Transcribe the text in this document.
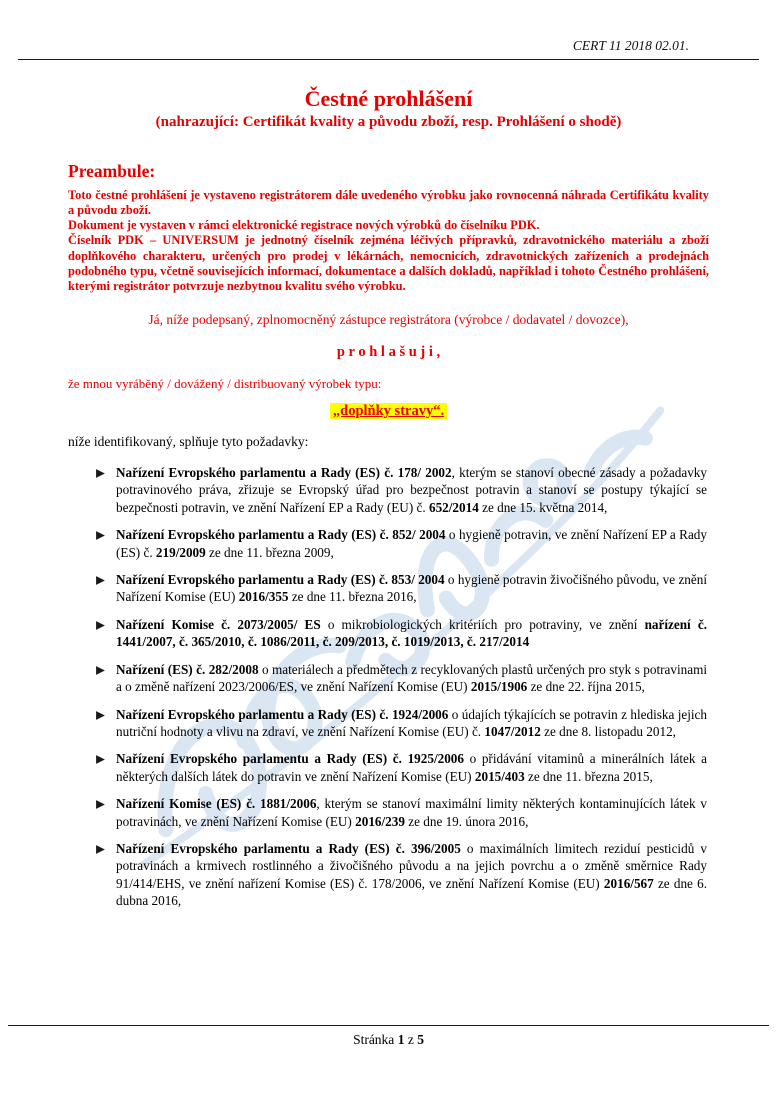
CERT 11 2018 02.01.
Čestné prohlášení
(nahrazující: Certifikát kvality a původu zboží, resp. Prohlášení o shodě)
Preambule:

Toto čestné prohlášení je vystaveno registrátorem dále uvedeného výrobku jako rovnocenná náhrada Certifikátu kvality a původu zboží.

Dokument je vystaven v rámci elektronické registrace nových výrobků do číselníku PDK.

Číselník PDK – UNIVERSUM je jednotný číselník zejména léčivých přípravků, zdravotnického materiálu a zboží doplňkového charakteru, určených pro prodej v lékárnách, nemocnicích, zdravotnických zařízeních a prodejnách podobného typu, včetně souvisejících informací, dokumentace a dalších dokladů, například i tohoto Čestného prohlášení, kterými registrátor potvrzuje nezbytnou kvalitu svého výrobku.

Já, níže podepsaný, zplnomocněný zástupce registrátora (výrobce / dodavatel / dovozce),

p r o h l a š u j i ,

že mnou vyráběný / dovážený / distribuovaný výrobek typu:

„doplňky stravy“.

níže identifikovaný, splňuje tyto požadavky:

Nařízení Evropského parlamentu a Rady (ES) č. 178/ 2002, kterým se stanoví obecné zásady a požadavky potravinového práva, zřizuje se Evropský úřad pro bezpečnost potravin a stanoví se postupy týkající se bezpečnosti potravin, ve znění Nařízení EP a Rady (EU) č. 652/2014 ze dne 15. května 2014,
Nařízení Evropského parlamentu a Rady (ES) č. 852/ 2004 o hygieně potravin, ve znění Nařízení EP a Rady (ES) č. 219/2009 ze dne 11. března 2009,
Nařízení Evropského parlamentu a Rady (ES) č. 853/ 2004 o hygieně potravin živočišného původu, ve znění Nařízení Komise (EU) 2016/355 ze dne 11. března 2016,
Nařízení Komise č. 2073/2005/ ES o mikrobiologických kritériích pro potraviny, ve znění nařízení č. 1441/2007, č. 365/2010, č. 1086/2011, č. 209/2013, č. 1019/2013, č. 217/2014
Nařízení (ES) č. 282/2008 o materiálech a předmětech z recyklovaných plastů určených pro styk s potravinami a o změně nařízení 2023/2006/ES, ve znění Nařízení Komise (EU) 2015/1906 ze dne 22. října 2015,
Nařízení Evropského parlamentu a Rady (ES) č. 1924/2006 o údajích týkajících se potravin z hlediska jejich nutriční hodnoty a vlivu na zdraví, ve znění Nařízení Komise (EU) č. 1047/2012 ze dne 8. listopadu 2012,
Nařízení Evropského parlamentu a Rady (ES) č. 1925/2006 o přidávání vitaminů a minerálních látek a některých dalších látek do potravin ve znění Nařízení Komise (EU) 2015/403 ze dne 11. března 2015,
Nařízení Komise (ES) č. 1881/2006, kterým se stanoví maximální limity některých kontaminujících látek v potravinách, ve znění Nařízení Komise (EU) 2016/239 ze dne 19. února 2016,
Nařízení Evropského parlamentu a Rady (ES) č. 396/2005 o maximálních limitech reziduí pesticidů v potravinách a krmivech rostlinného a živočišného původu a na jejich povrchu a o změně směrnice Rady 91/414/EHS, ve znění nařízení Komise (ES) č. 178/2006, ve znění Nařízení Komise (EU) 2016/567 ze dne 6. dubna 2016,
Stránka 1 z 5
